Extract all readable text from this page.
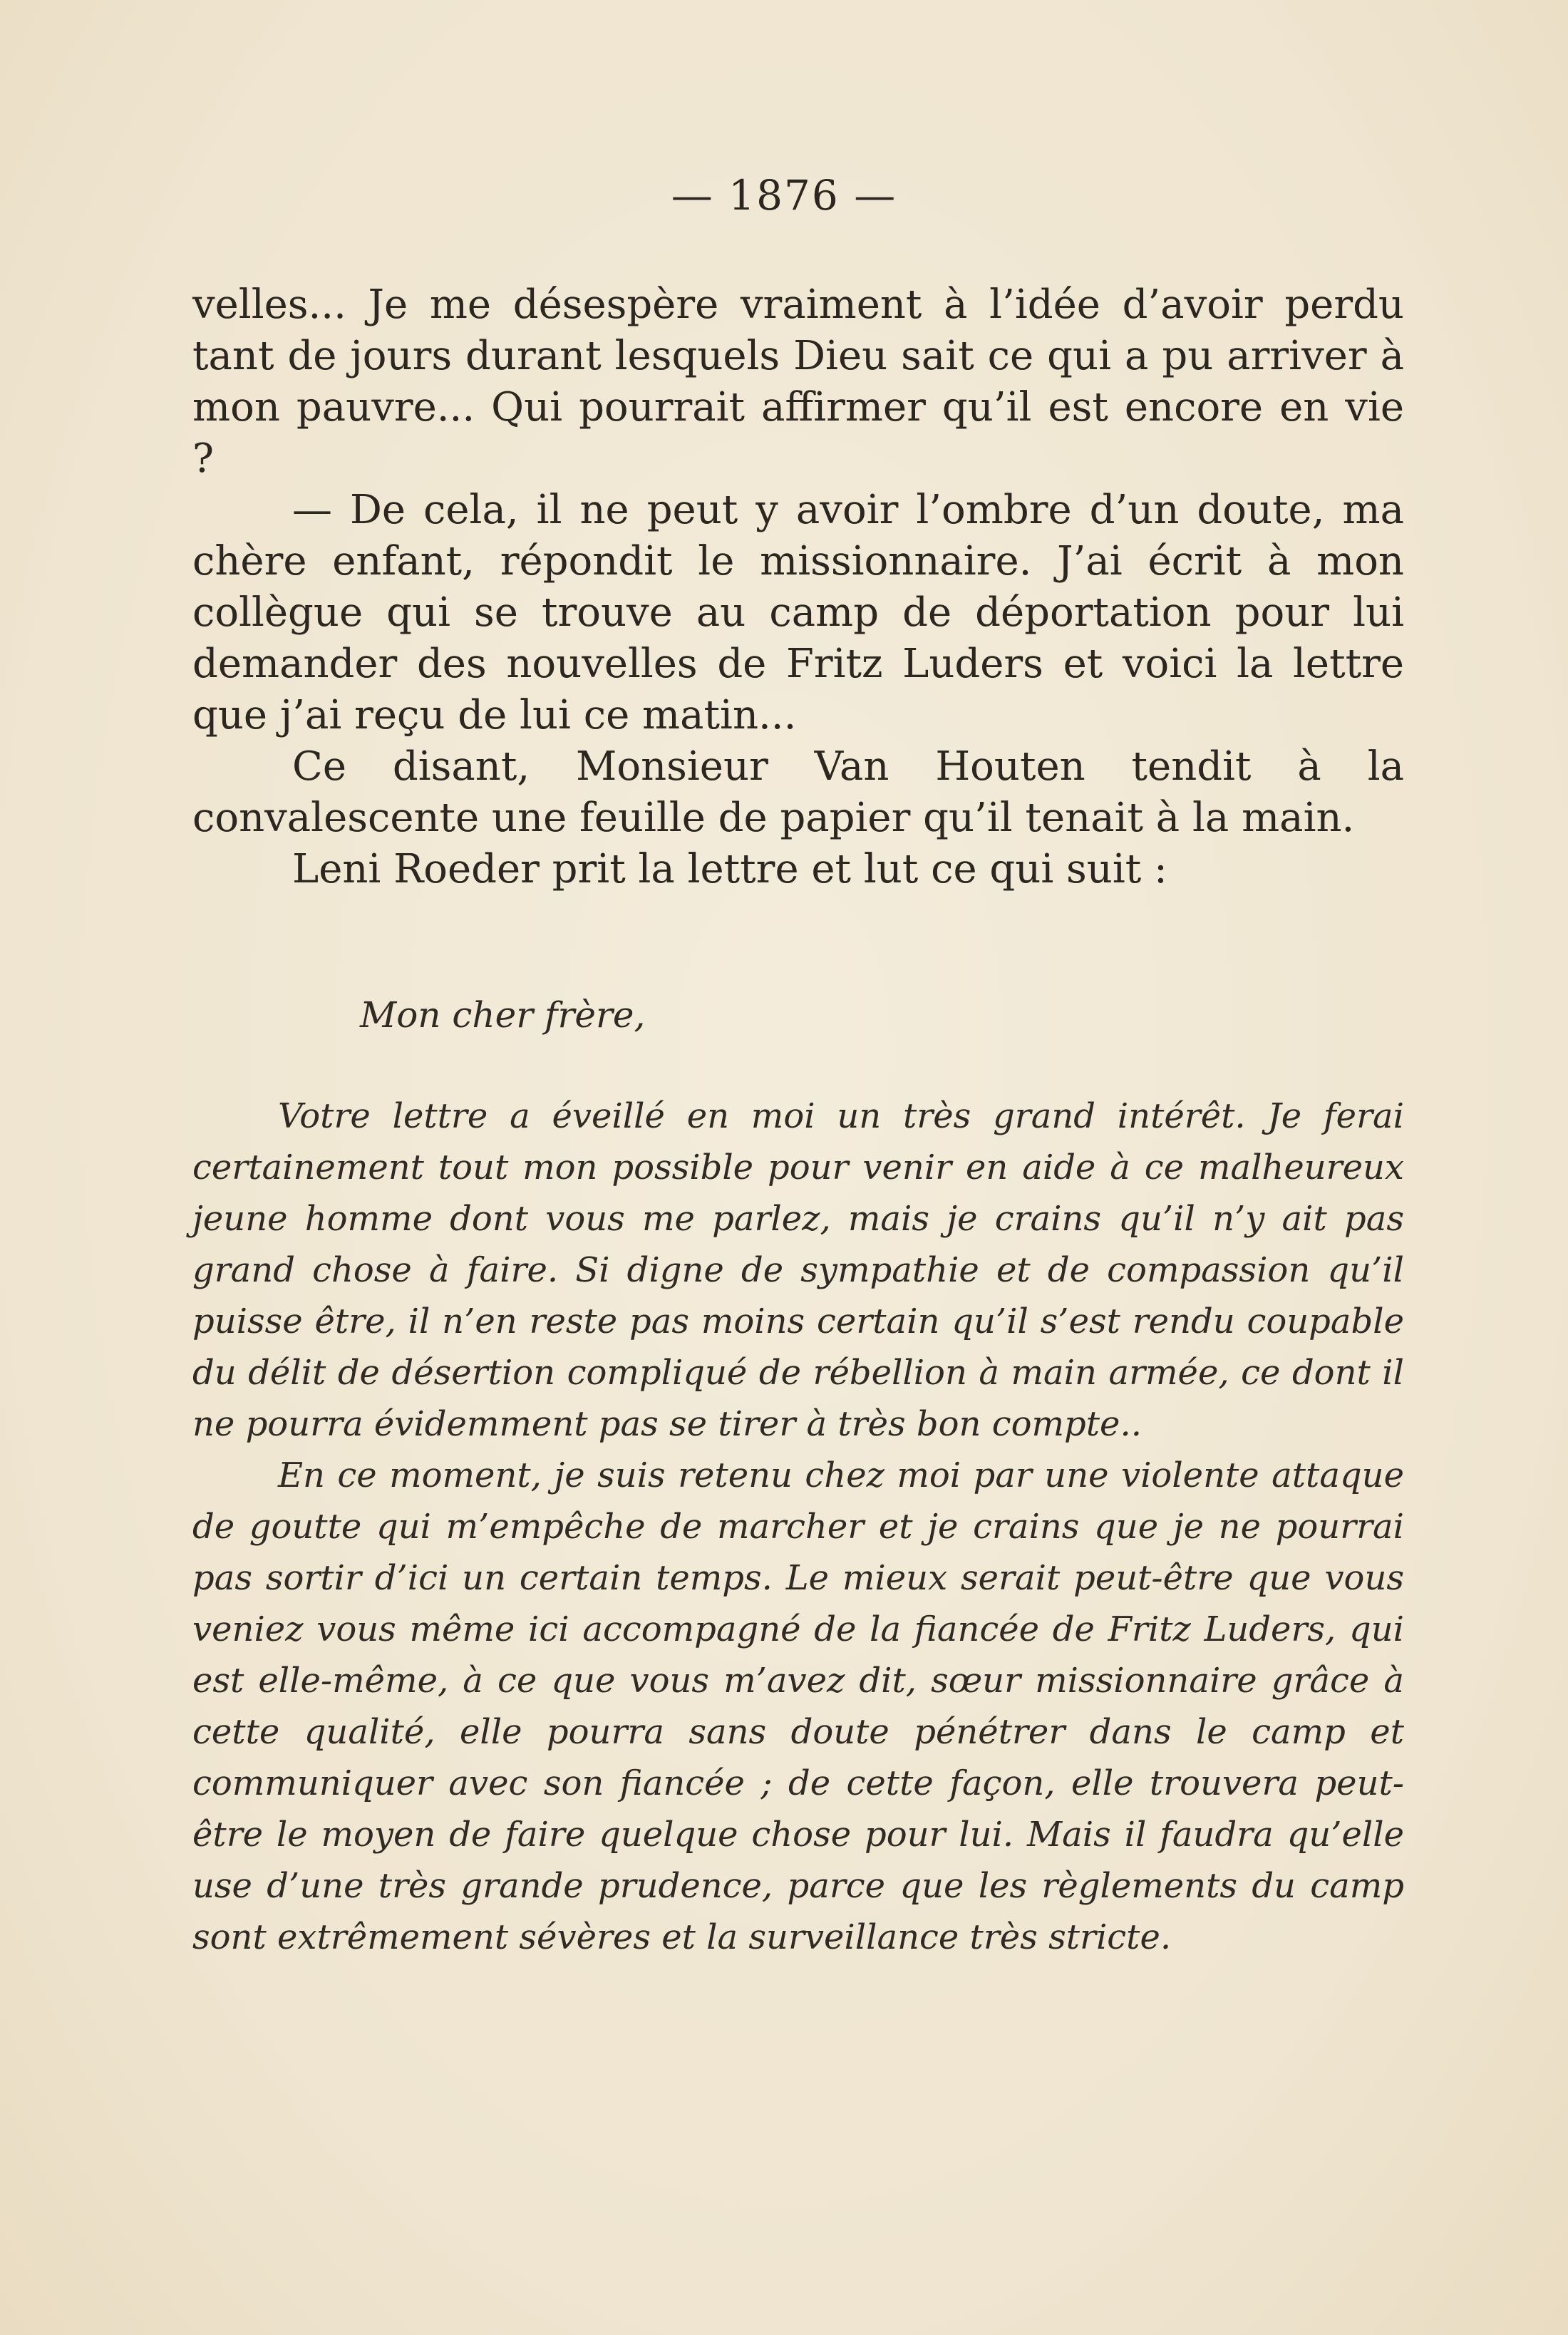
— 1876 —

velles... Je me désespère vraiment à l’idée d’avoir perdu tant de jours durant lesquels Dieu sait ce qui a pu arriver à mon pauvre... Qui pourrait affirmer qu’il est encore en vie ?

— De cela, il ne peut y avoir l’ombre d’un doute, ma chère enfant, répondit le missionnaire. J’ai écrit à mon collègue qui se trouve au camp de déportation pour lui demander des nouvelles de Fritz Luders et voici la lettre que j’ai reçu de lui ce matin...

Ce disant, Monsieur Van Houten tendit à la convalescente une feuille de papier qu’il tenait à la main.

Leni Roeder prit la lettre et lut ce qui suit :

Mon cher frère,

Votre lettre a éveillé en moi un très grand intérêt. Je ferai certainement tout mon possible pour venir en aide à ce malheureux jeune homme dont vous me parlez, mais je crains qu’il n’y ait pas grand chose à faire. Si digne de sympathie et de compassion qu’il puisse être, il n’en reste pas moins certain qu’il s’est rendu coupable du délit de désertion compliqué de rébellion à main armée, ce dont il ne pourra évidemment pas se tirer à très bon compte..

En ce moment, je suis retenu chez moi par une violente attaque de goutte qui m’empêche de marcher et je crains que je ne pourrai pas sortir d’ici un certain temps. Le mieux serait peut-être que vous veniez vous même ici accompagné de la fiancée de Fritz Luders, qui est elle-même, à ce que vous m’avez dit, sœur missionnaire grâce à cette qualité, elle pourra sans doute pénétrer dans le camp et communiquer avec son fiancée ; de cette façon, elle trouvera peut-être le moyen de faire quelque chose pour lui. Mais il faudra qu’elle use d’une très grande prudence, parce que les règlements du camp sont extrêmement sévères et la surveillance très stricte.
